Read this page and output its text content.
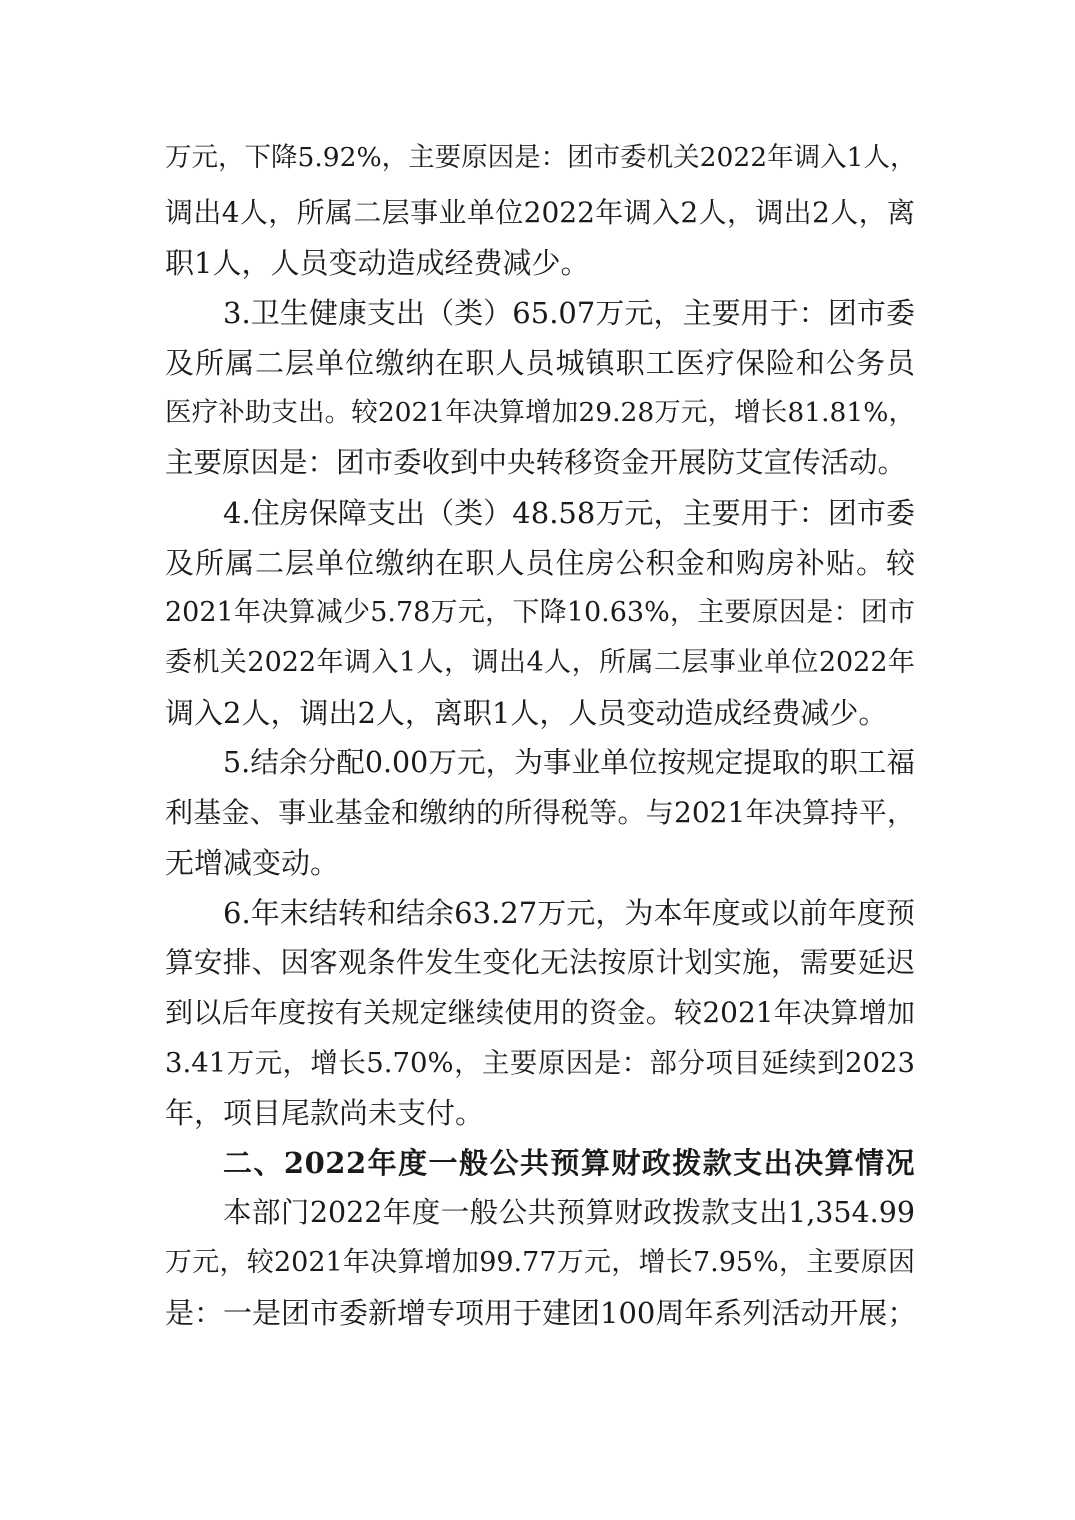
万元，下降5.92%，主要原因是：团市委机关2022年调入1人，
调出4人，所属二层事业单位2022年调入2人，调出2人，离
职1人，人员变动造成经费减少。
3.卫生健康支出（类）65.07万元，主要用于：团市委
及所属二层单位缴纳在职人员城镇职工医疗保险和公务员
医疗补助支出。较2021年决算增加29.28万元，增长81.81%，
主要原因是：团市委收到中央转移资金开展防艾宣传活动。
4.住房保障支出（类）48.58万元，主要用于：团市委
及所属二层单位缴纳在职人员住房公积金和购房补贴。较
2021年决算减少5.78万元，下降10.63%，主要原因是：团市
委机关2022年调入1人，调出4人，所属二层事业单位2022年
调入2人，调出2人，离职1人，人员变动造成经费减少。
5.结余分配0.00万元，为事业单位按规定提取的职工福
利基金、事业基金和缴纳的所得税等。与2021年决算持平，
无增减变动。
6.年末结转和结余63.27万元，为本年度或以前年度预
算安排、因客观条件发生变化无法按原计划实施，需要延迟
到以后年度按有关规定继续使用的资金。较2021年决算增加
3.41万元，增长5.70%，主要原因是：部分项目延续到2023
年，项目尾款尚未支付。
二、2022年度一般公共预算财政拨款支出决算情况
本部门2022年度一般公共预算财政拨款支出1,354.99
万元，较2021年决算增加99.77万元，增长7.95%，主要原因
是：一是团市委新增专项用于建团100周年系列活动开展；
